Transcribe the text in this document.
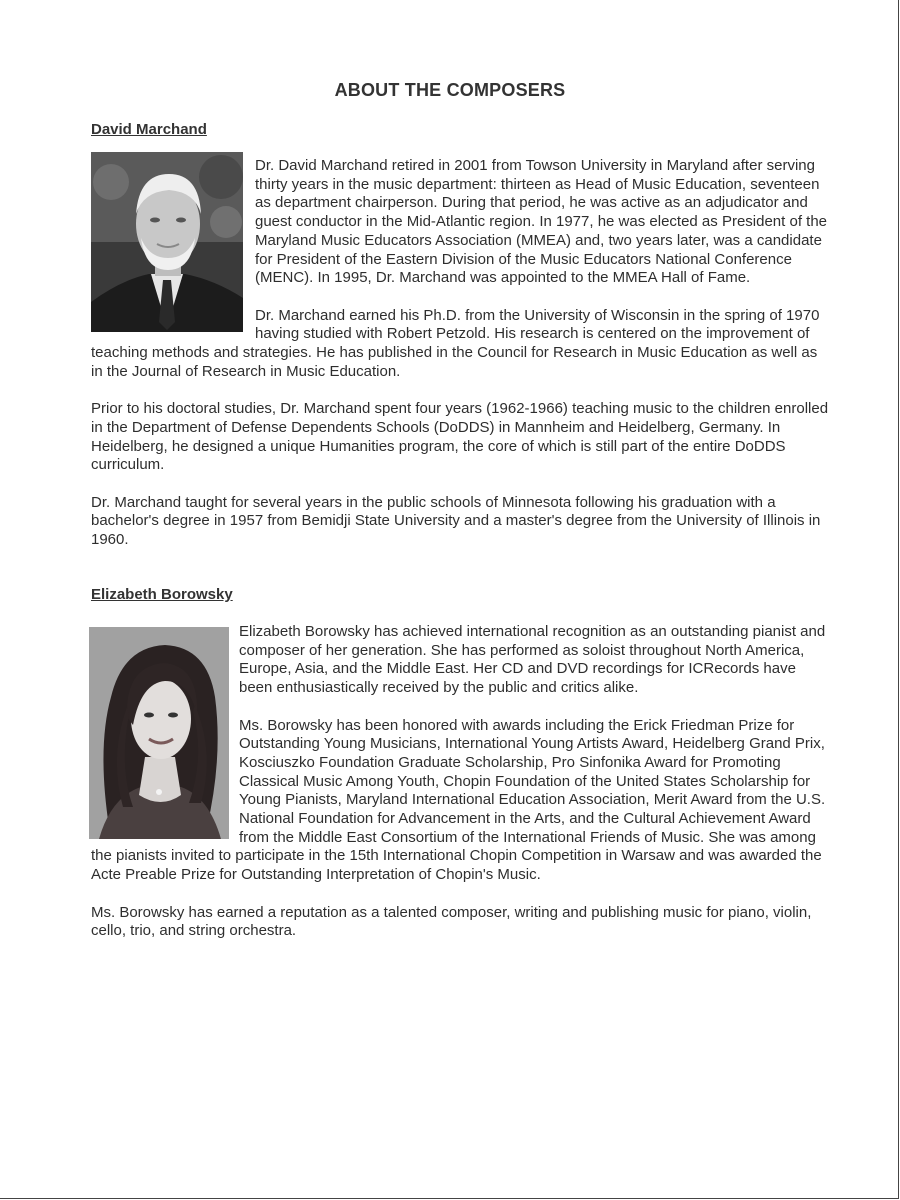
ABOUT THE COMPOSERS
David Marchand

Dr. David Marchand retired in 2001 from Towson University in Maryland after serving thirty years in the music department: thirteen as Head of Music Education, seventeen as department chairperson. During that period, he was active as an adjudicator and guest conductor in the Mid-Atlantic region. In 1977, he was elected as President of the Maryland Music Educators Association (MMEA) and, two years later, was a candidate for President of the Eastern Division of the Music Educators National Conference (MENC). In 1995, Dr. Marchand was appointed to the MMEA Hall of Fame.

Dr. Marchand earned his Ph.D. from the University of Wisconsin in the spring of 1970 having studied with Robert Petzold. His research is centered on the improvement of teaching methods and strategies. He has published in the Council for Research in Music Education as well as in the Journal of Research in Music Education.

Prior to his doctoral studies, Dr. Marchand spent four years (1962-1966) teaching music to the children enrolled in the Department of Defense Dependents Schools (DoDDS) in Mannheim and Heidelberg, Germany. In Heidelberg, he designed a unique Humanities program, the core of which is still part of the entire DoDDS curriculum.

Dr. Marchand taught for several years in the public schools of Minnesota following his graduation with a bachelor's degree in 1957 from Bemidji State University and a master's degree from the University of Illinois in 1960.

Elizabeth Borowsky

Elizabeth Borowsky has achieved international recognition as an outstanding pianist and composer of her generation. She has performed as soloist throughout North America, Europe, Asia, and the Middle East. Her CD and DVD recordings for ICRecords have been enthusiastically received by the public and critics alike.

Ms. Borowsky has been honored with awards including the Erick Friedman Prize for Outstanding Young Musicians, International Young Artists Award, Heidelberg Grand Prix, Kosciuszko Foundation Graduate Scholarship, Pro Sinfonika Award for Promoting Classical Music Among Youth, Chopin Foundation of the United States Scholarship for Young Pianists, Maryland International Education Association, Merit Award from the U.S. National Foundation for Advancement in the Arts, and the Cultural Achievement Award from the Middle East Consortium of the International Friends of Music. She was among the pianists invited to participate in the 15th International Chopin Competition in Warsaw and was awarded the Acte Preable Prize for Outstanding Interpretation of Chopin's Music.

Ms. Borowsky has earned a reputation as a talented composer, writing and publishing music for piano, violin, cello, trio, and string orchestra.
